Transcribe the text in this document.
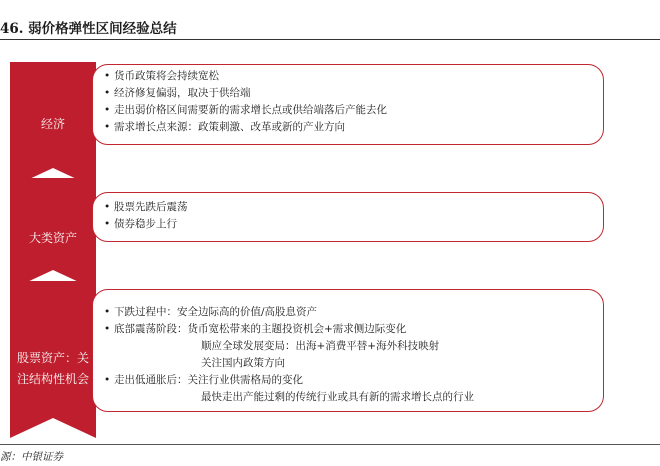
46. 弱价格弹性区间经验总结
经济
大类资产
股票资产：关
注结构性机会
• 货币政策将会持续宽松
• 经济修复偏弱，取决于供给端
• 走出弱价格区间需要新的需求增长点或供给端落后产能去化
• 需求增长点来源：政策刺激、改革或新的产业方向
• 股票先跌后震荡
• 债券稳步上行
• 下跌过程中：安全边际高的价值/高股息资产
• 底部震荡阶段：货币宽松带来的主题投资机会+需求侧边际变化
顺应全球发展变局：出海+消费平替+海外科技映射
关注国内政策方向
• 走出低通胀后：关注行业供需格局的变化
最快走出产能过剩的传统行业或具有新的需求增长点的行业
源：中银证券
